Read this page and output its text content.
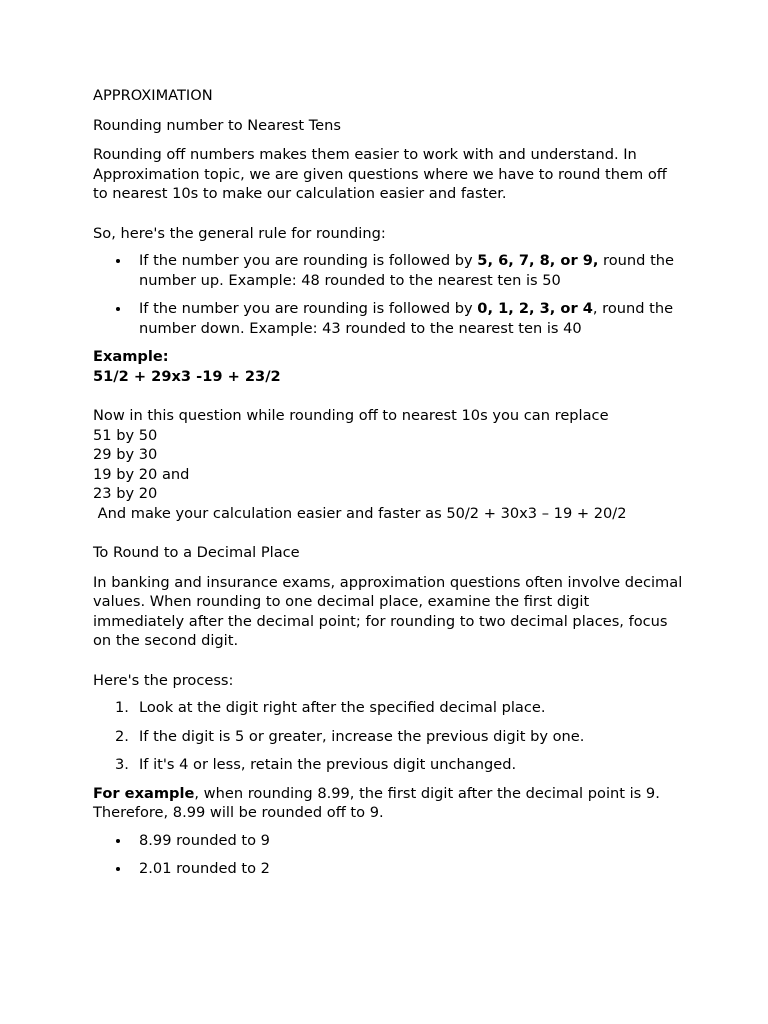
APPROXIMATION

Rounding number to Nearest Tens

Rounding off numbers makes them easier to work with and understand. In Approximation topic, we are given questions where we have to round them off to nearest 10s to make our calculation easier and faster.

So, here's the general rule for rounding:

If the number you are rounding is followed by 5, 6, 7, 8, or 9, round the number up. Example: 48 rounded to the nearest ten is 50
If the number you are rounding is followed by 0, 1, 2, 3, or 4, round the number down. Example: 43 rounded to the nearest ten is 40

Example:

51/2 + 29x3 -19 + 23/2

Now in this question while rounding off to nearest 10s you can replace

51 by 50

29 by 30

19 by 20 and

23 by 20

And make your calculation easier and faster as 50/2 + 30x3 – 19 + 20/2

To Round to a Decimal Place

In banking and insurance exams, approximation questions often involve decimal values. When rounding to one decimal place, examine the first digit immediately after the decimal point; for rounding to two decimal places, focus on the second digit.

Here's the process:

1. Look at the digit right after the specified decimal place.
2. If the digit is 5 or greater, increase the previous digit by one.
3. If it's 4 or less, retain the previous digit unchanged.

For example, when rounding 8.99, the first digit after the decimal point is 9. Therefore, 8.99 will be rounded off to 9.

8.99 rounded to 9
2.01 rounded to 2
